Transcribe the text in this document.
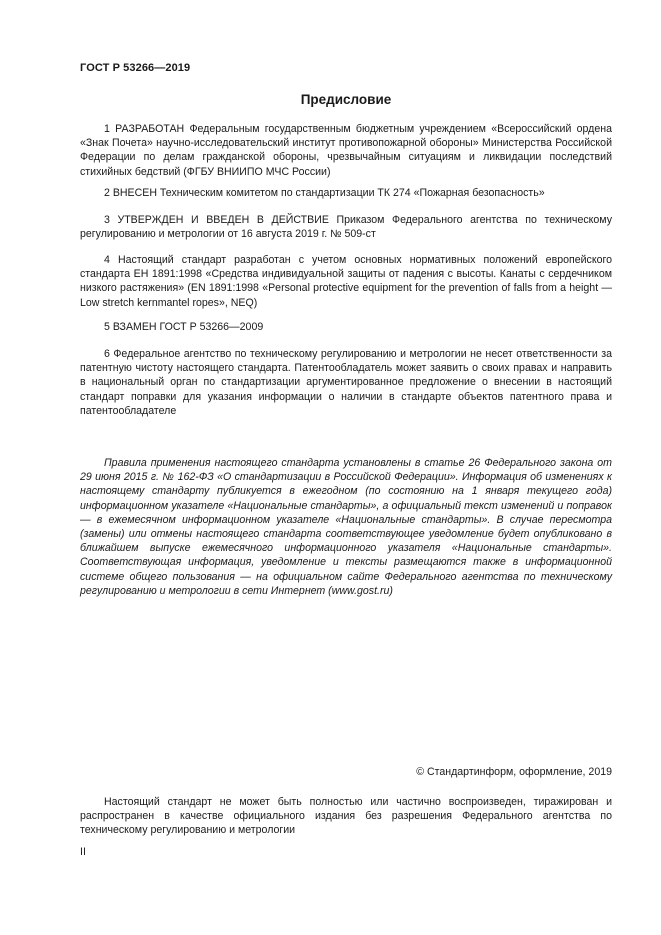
ГОСТ Р 53266—2019
Предисловие

1 РАЗРАБОТАН Федеральным государственным бюджетным учреждением «Всероссийский ордена «Знак Почета» научно-исследовательский институт противопожарной обороны» Министерства Российской Федерации по делам гражданской обороны, чрезвычайным ситуациям и ликвидации последствий стихийных бедствий (ФГБУ ВНИИПО МЧС России)

2 ВНЕСЕН Техническим комитетом по стандартизации ТК 274 «Пожарная безопасность»

3 УТВЕРЖДЕН И ВВЕДЕН В ДЕЙСТВИЕ Приказом Федерального агентства по техническому регулированию и метрологии от 16 августа 2019 г. № 509-ст

4 Настоящий стандарт разработан с учетом основных нормативных положений европейского стандарта ЕН 1891:1998 «Средства индивидуальной защиты от падения с высоты. Канаты с сердечником низкого растяжения» (EN 1891:1998 «Personal protective equipment for the prevention of falls from a height — Low stretch kernmantel ropes», NEQ)

5 ВЗАМЕН ГОСТ Р 53266—2009

6 Федеральное агентство по техническому регулированию и метрологии не несет ответственности за патентную чистоту настоящего стандарта. Патентообладатель может заявить о своих правах и направить в национальный орган по стандартизации аргументированное предложение о внесении в настоящий стандарт поправки для указания информации о наличии в стандарте объектов патентного права и патентообладателе

Правила применения настоящего стандарта установлены в статье 26 Федерального закона от 29 июня 2015 г. № 162-ФЗ «О стандартизации в Российской Федерации». Информация об изменениях к настоящему стандарту публикуется в ежегодном (по состоянию на 1 января текущего года) информационном указателе «Национальные стандарты», а официальный текст изменений и поправок — в ежемесячном информационном указателе «Национальные стандарты». В случае пересмотра (замены) или отмены настоящего стандарта соответствующее уведомление будет опубликовано в ближайшем выпуске ежемесячного информационного указателя «Национальные стандарты». Соответствующая информация, уведомление и тексты размещаются также в информационной системе общего пользования — на официальном сайте Федерального агентства по техническому регулированию и метрологии в сети Интернет (www.gost.ru)

© Стандартинформ, оформление, 2019

Настоящий стандарт не может быть полностью или частично воспроизведен, тиражирован и распространен в качестве официального издания без разрешения Федерального агентства по техническому регулированию и метрологии

II
